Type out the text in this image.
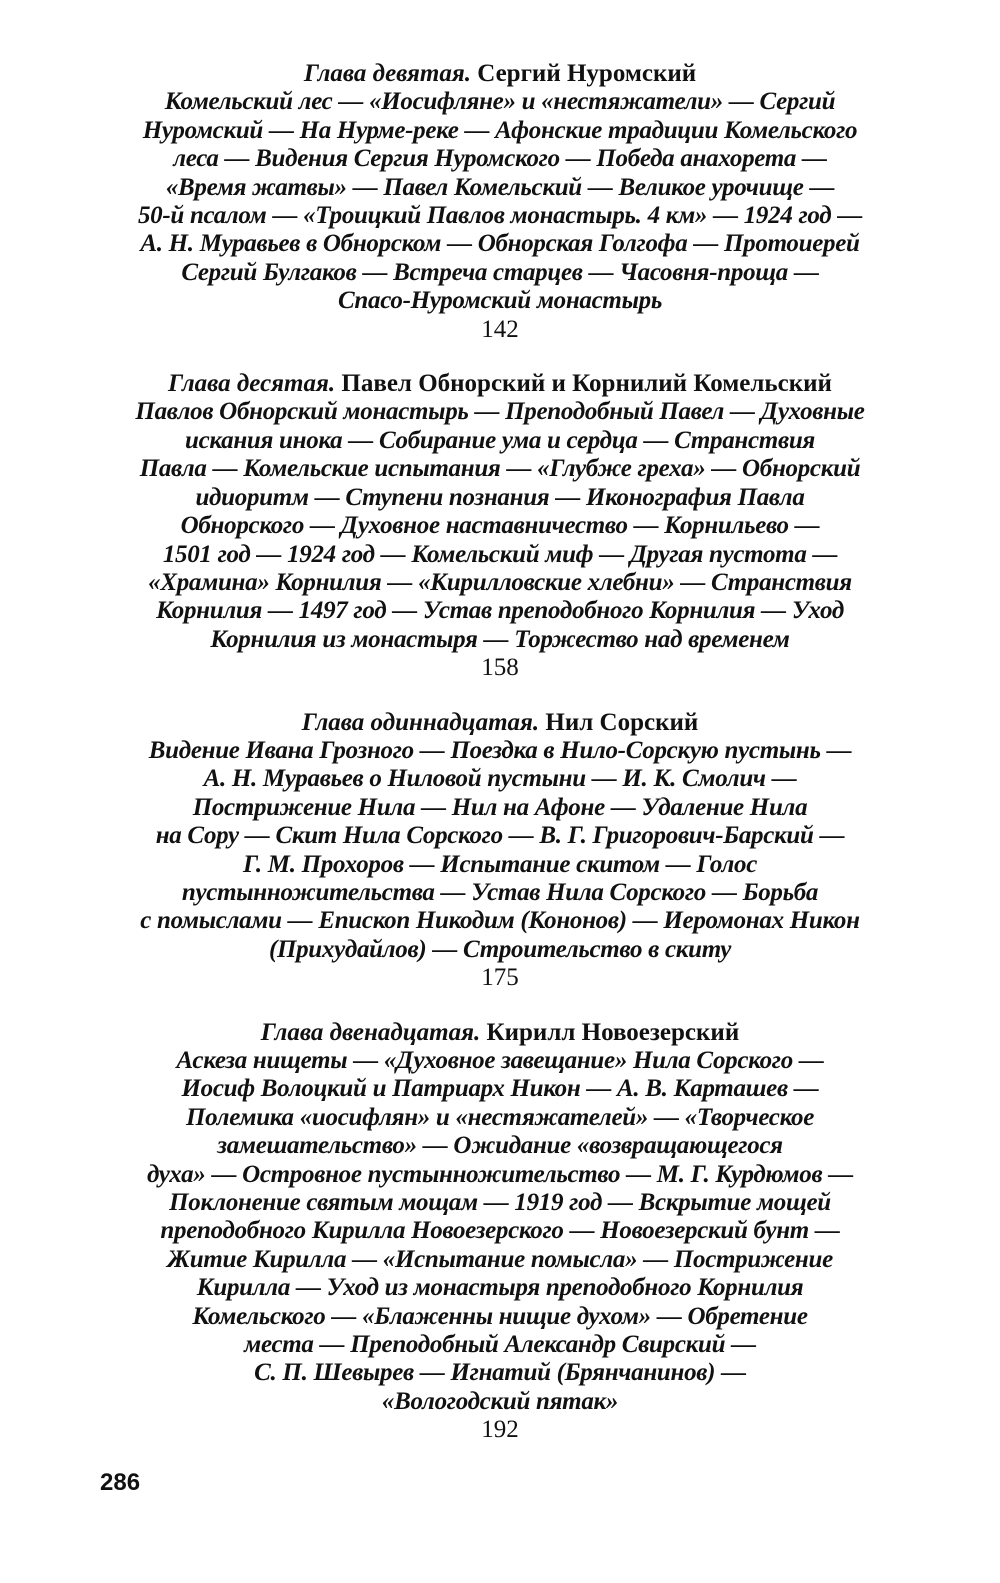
Глава девятая. Сергий Нуромский
Комельский лес — «Иосифляне» и «нестяжатели» — Сергий
Нуромский — На Нурме-реке — Афонские традиции Комельского
леса — Видения Сергия Нуромского — Победа анахорета —
«Время жатвы» — Павел Комельский — Великое урочище —
50-й псалом — «Троицкий Павлов монастырь. 4 км» — 1924 год —
А. Н. Муравьев в Обнорском — Обнорская Голгофа — Протоиерей
Сергий Булгаков — Встреча старцев — Часовня-проща —
Спасо-Нуромский монастырь
142
Глава десятая. Павел Обнорский и Корнилий Комельский
Павлов Обнорский монастырь — Преподобный Павел — Духовные
искания инока — Собирание ума и сердца — Странствия
Павла — Комельские испытания — «Глубже греха» — Обнорский
идиоритм — Ступени познания — Иконография Павла
Обнорского — Духовное наставничество — Корнильево —
1501 год — 1924 год — Комельский миф — Другая пустота —
«Храмина» Корнилия — «Кирилловские хлебни» — Странствия
Корнилия — 1497 год — Устав преподобного Корнилия — Уход
Корнилия из монастыря — Торжество над временем
158
Глава одиннадцатая. Нил Сорский
Видение Ивана Грозного — Поездка в Нило-Сорскую пустынь —
А. Н. Муравьев о Ниловой пустыни — И. К. Смолич —
Пострижение Нила — Нил на Афоне — Удаление Нила
на Сору — Скит Нила Сорского — В. Г. Григорович-Барский —
Г. М. Прохоров — Испытание скитом — Голос
пустынножительства — Устав Нила Сорского — Борьба
с помыслами — Епископ Никодим (Кононов) — Иеромонах Никон
(Прихудайлов) — Строительство в скиту
175
Глава двенадцатая. Кирилл Новоезерский
Аскеза нищеты — «Духовное завещание» Нила Сорского —
Иосиф Волоцкий и Патриарх Никон — А. В. Карташев —
Полемика «иосифлян» и «нестяжателей» — «Творческое
замешательство» — Ожидание «возвращающегося
духа» — Островное пустынножительство — М. Г. Курдюмов —
Поклонение святым мощам — 1919 год — Вскрытие мощей
преподобного Кирилла Новоезерского — Новоезерский бунт —
Житие Кирилла — «Испытание помысла» — Пострижение
Кирилла — Уход из монастыря преподобного Корнилия
Комельского — «Блаженны нищие духом» — Обретение
места — Преподобный Александр Свирский —
С. П. Шевырев — Игнатий (Брянчанинов) —
«Вологодский пятак»
192
286
